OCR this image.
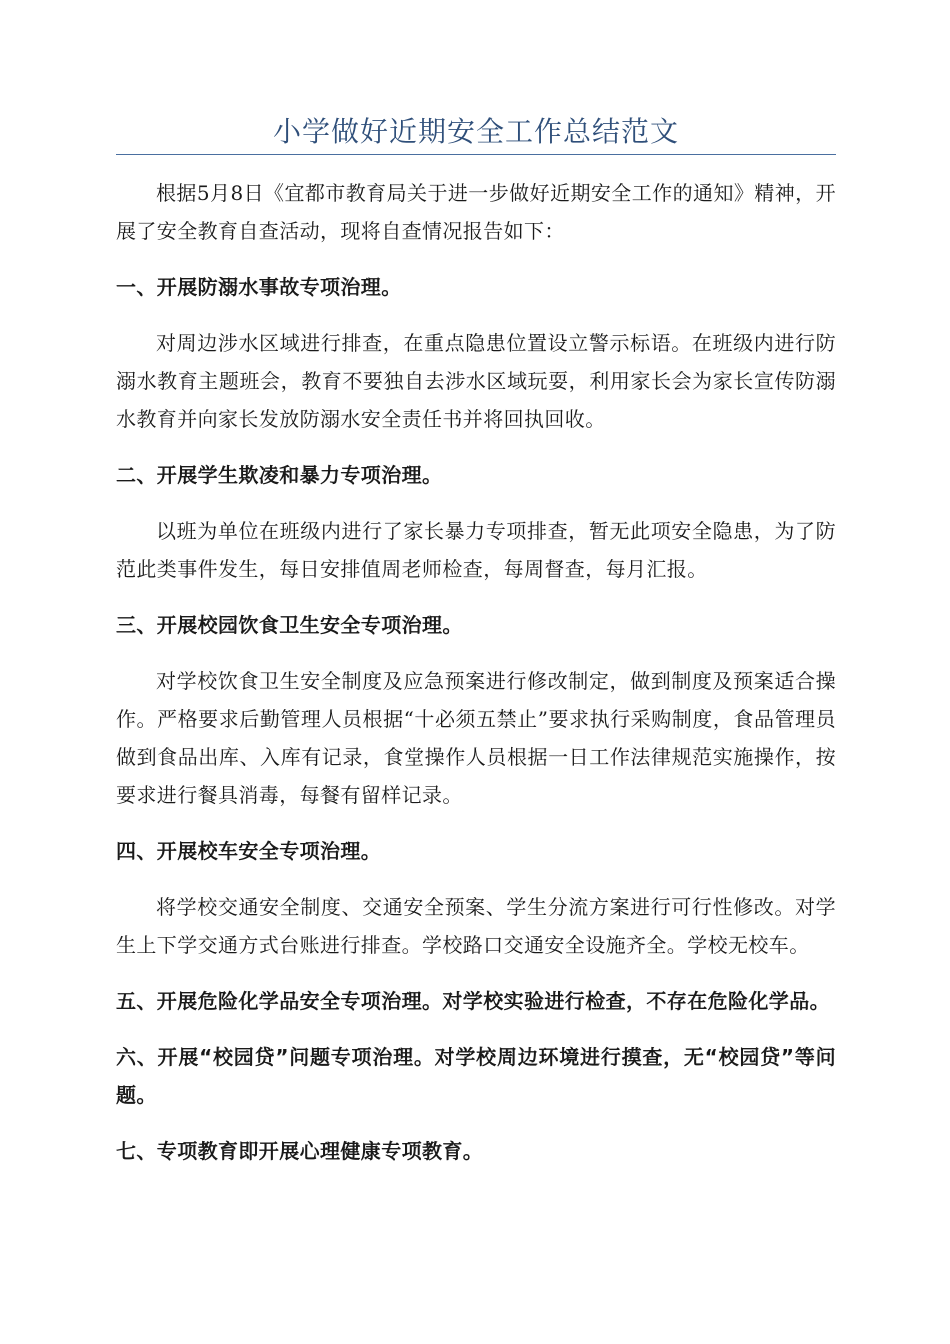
小学做好近期安全工作总结范文

根据5月8日《宜都市教育局关于进一步做好近期安全工作的通知》精神，开展了安全教育自查活动，现将自查情况报告如下：

一、开展防溺水事故专项治理。

对周边涉水区域进行排查，在重点隐患位置设立警示标语。在班级内进行防溺水教育主题班会，教育不要独自去涉水区域玩耍，利用家长会为家长宣传防溺水教育并向家长发放防溺水安全责任书并将回执回收。

二、开展学生欺凌和暴力专项治理。

以班为单位在班级内进行了家长暴力专项排查，暂无此项安全隐患，为了防范此类事件发生，每日安排值周老师检查，每周督查，每月汇报。

三、开展校园饮食卫生安全专项治理。

对学校饮食卫生安全制度及应急预案进行修改制定，做到制度及预案适合操作。严格要求后勤管理人员根据“十必须五禁止”要求执行采购制度，食品管理员做到食品出库、入库有记录，食堂操作人员根据一日工作法律规范实施操作，按要求进行餐具消毒，每餐有留样记录。

四、开展校车安全专项治理。

将学校交通安全制度、交通安全预案、学生分流方案进行可行性修改。对学生上下学交通方式台账进行排查。学校路口交通安全设施齐全。学校无校车。

五、开展危险化学品安全专项治理。对学校实验进行检查，不存在危险化学品。

六、开展“校园贷”问题专项治理。对学校周边环境进行摸查，无“校园贷”等问题。

七、专项教育即开展心理健康专项教育。
